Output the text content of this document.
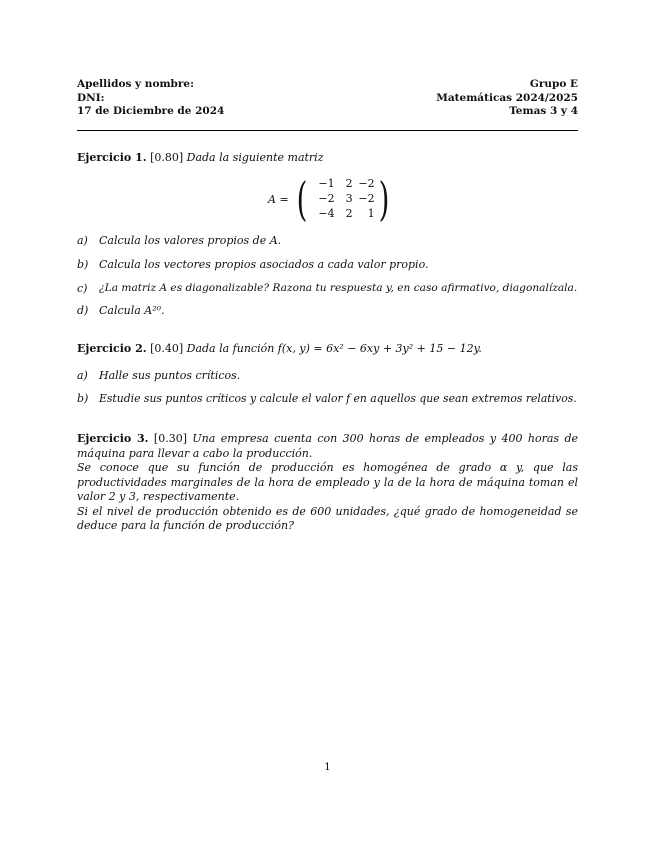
Apellidos y nombre:	Grupo E
DNI:	Matemáticas 2024/2025
17 de Diciembre de 2024	Temas 3 y 4
Ejercicio 1. [0.80] Dada la siguiente matriz
A = (	−1	2 −2
−2	3 −2
−4	2	1 )
a)	Calcula los valores propios de A.
b) Calcula los vectores propios asociados a cada valor propio.
c)	¿La matriz A es diagonalizable? Razona tu respuesta y, en caso afirmativo, diagonalízala.
d) Calcula A²⁰.
Ejercicio 2. [0.40] Dada la función f(x, y) = 6x² − 6xy + 3y² + 15 − 12y.
a)	Halle sus puntos críticos.
b) Estudie sus puntos críticos y calcule el valor f en aquellos que sean extremos relativos.
Ejercicio 3. [0.30] Una empresa cuenta con 300 horas de empleados y 400 horas de máquina para llevar a cabo la producción.
Se conoce que su función de producción es homogénea de grado α y, que las productividades marginales de la hora de empleado y la de la hora de máquina toman el valor 2 y 3, respectivamente.
Si el nivel de producción obtenido es de 600 unidades, ¿qué grado de homogeneidad se deduce para la función de producción?
1
